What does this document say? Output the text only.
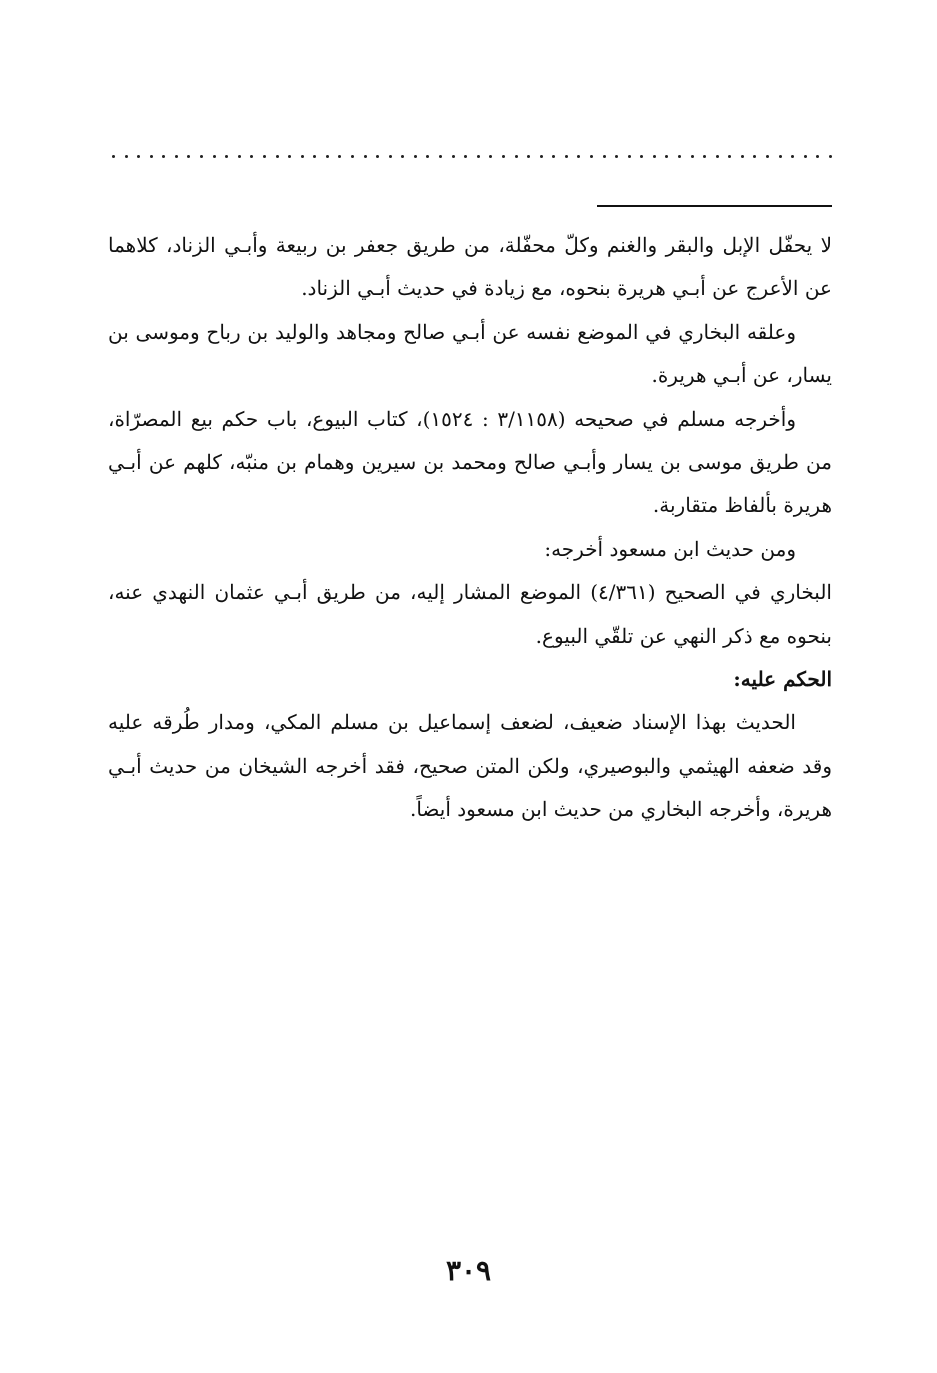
لا يحفّل الإبل والبقر والغنم وكلّ محفّلة، من طريق جعفر بن ربيعة وأبـي الزناد، كلاهما عن الأعرج عن أبـي هريرة بنحوه، مع زيادة في حديث أبـي الزناد.

وعلقه البخاري في الموضع نفسه عن أبـي صالح ومجاهد والوليد بن رباح وموسى بن يسار، عن أبـي هريرة.

وأخرجه مسلم في صحيحه (٣/١١٥٨ : ١٥٢٤)، كتاب البيوع، باب حكم بيع المصرّاة، من طريق موسى بن يسار وأبـي صالح ومحمد بن سيرين وهمام بن منبّه، كلهم عن أبـي هريرة بألفاظ متقاربة.

ومن حديث ابن مسعود أخرجه:

البخاري في الصحيح (٤/٣٦١) الموضع المشار إليه، من طريق أبـي عثمان النهدي عنه، بنحوه مع ذكر النهي عن تلقّي البيوع.

الحكم عليه:

الحديث بهذا الإسناد ضعيف، لضعف إسماعيل بن مسلم المكي، ومدار طُرقه عليه وقد ضعفه الهيثمي والبوصيري، ولكن المتن صحيح، فقد أخرجه الشيخان من حديث أبـي هريرة، وأخرجه البخاري من حديث ابن مسعود أيضاً.

٣٠٩
